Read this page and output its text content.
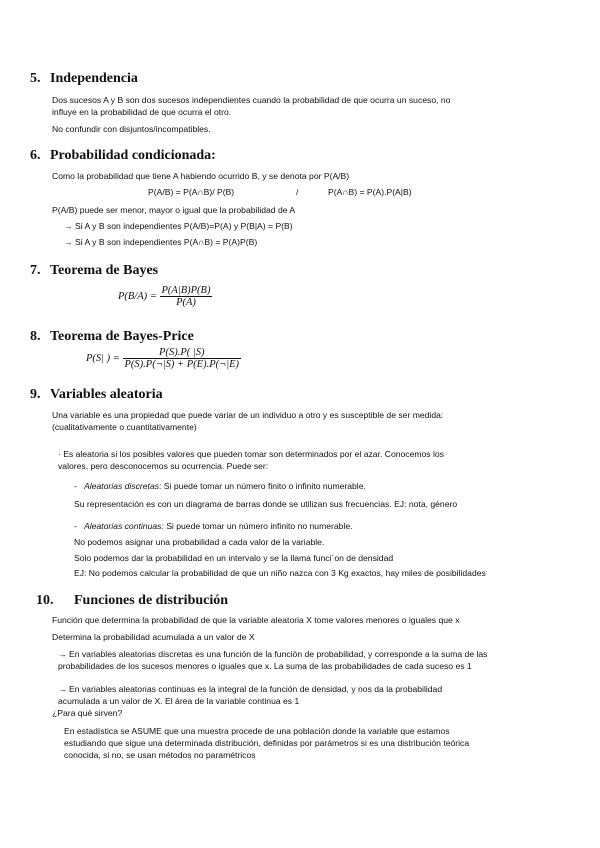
5. Independencia
Dos sucesos A y B son dos sucesos independientes cuando la probabilidad de que ocurra un suceso, no
influye en la probabilidad de que ocurra el otro.
No confundir con disjuntos/incompatibles.
6. Probabilidad condicionada:
Como la probabilidad que tiene A habiendo ocurrido B, y se denota por P(A/B)
P(A/B) = P(A∩B)/ P(B)	/	P(A∩B) = P(A).P(A|B)
P(A/B) puede ser menor, mayor o igual que la probabilidad de A
→ Si A y B son independientes P(A/B)=P(A) y P(B|A) = P(B)
→ Si A y B son independientes P(A∩B) = P(A)P(B)
7. Teorema de Bayes
$P(B/A) = \frac{P(A|B)P(B)}{P(A)}$
8. Teorema de Bayes-Price
P(S| ) = $\frac{P(S).P( |S)}{P(S).P(\neg|S) + P(E).P(\neg|E)}$
9. Variables aleatoria
Una variable es una propiedad que puede variar de un individuo a otro y es susceptible de ser medida:
(cualitativamente o cuantitativamente)
· Es aleatoria si los posibles valores que pueden tomar son determinados por el azar. Conocemos los
valores, pero desconocemos su ocurrencia. Puede ser:
-   Aleatorias discretas: Si puede tomar un número finito o infinito numerable.
Su representación es con un diagrama de barras donde se utilizan sus frecuencias. EJ: nota, género
-   Aleatorias continuas: Si puede tomar un número infinito no numerable.
No podemos asignar una probabilidad a cada valor de la variable.
Solo podemos dar la probabilidad en un intervalo y se la llama funci´on de densidad
EJ: No podemos calcular la probabilidad de que un niño nazca con 3 Kg exactos, hay miles de posibilidades
10. Funciones de distribución
Función que determina la probabilidad de que la variable aleatoria X tome valores menores o iguales que x
Determina la probabilidad acumulada a un valor de X
→ En variables aleatorias discretas es una función de la función de probabilidad, y corresponde a la suma de las
probabilidades de los sucesos menores o iguales que x. La suma de las probabilidades de cada suceso es 1
→ En variables aleatorias continuas es la integral de la función de densidad, y nos da la probabilidad
acumulada a un valor de X. El área de la variable continua es 1
¿Para qué sirven?
En estadística se ASUME que una muestra procede de una población donde la variable que estamos
estudiando que sigue una determinada distribución, definidas por parámetros si es una distribución teórica
conocida, si no, se usan métodos no paramétricos
